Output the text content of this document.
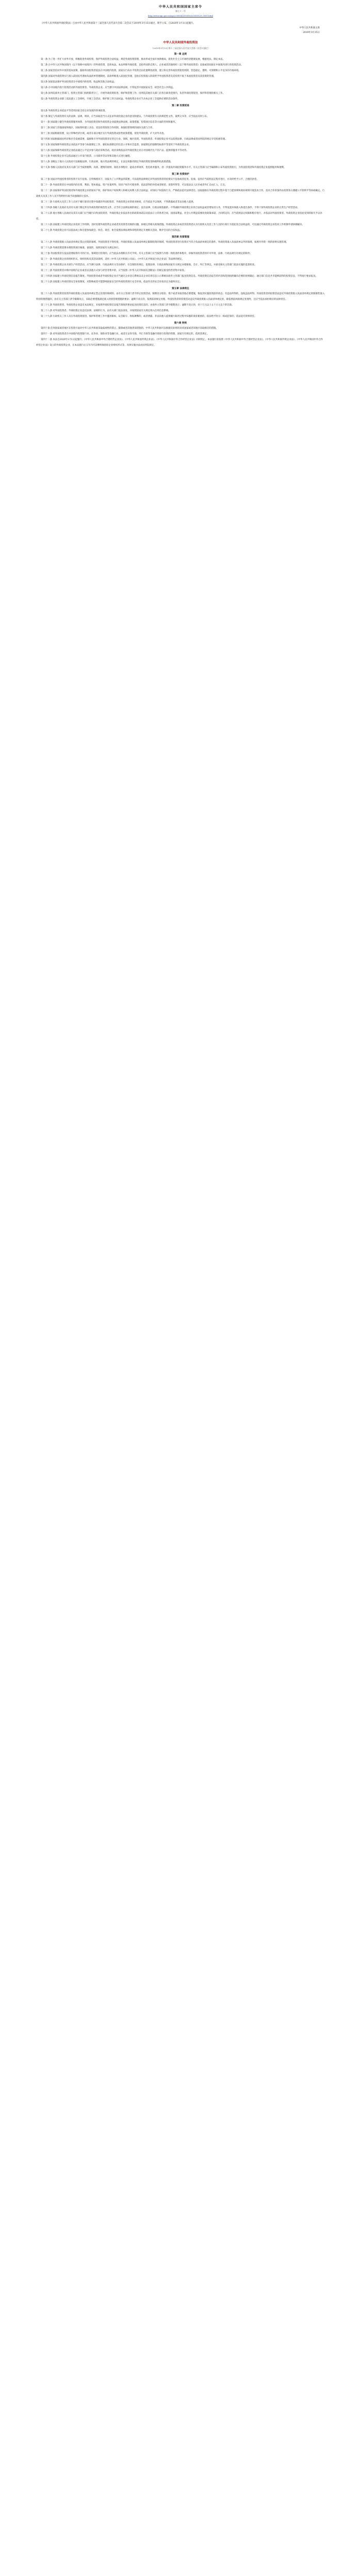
中华人民共和国国家主席令
第七十一号
http://www.npc.gov.cn/npc/c30834/201810/t20181029_0001.html

《中华人民共和国外商投资法》已由中华人民共和国第十三届全国人民代表大会第二次会议于2019年3月15日通过，现予公布，自2020年1月1日起施行。

中华人民共和国主席
2019年3月15日
中华人民共和国外商投资法
（2019年3月15日第十三届全国人民代表大会第二次会议通过）
第一章 总则

第一条 为了进一步扩大对外开放，积极促进外商投资，保护外商投资合法权益，规范外商投资管理，推动形成全面开放新格局，促进社会主义市场经济健康发展，根据宪法，制定本法。

第二条 在中华人民共和国境内（以下简称中国境内）的外商投资，适用本法。本法所称外商投资，是指外国的自然人、企业或者其他组织（以下称外国投资者）直接或者间接在中国境内进行的投资活动。

第三条 国家坚持对外开放的基本国策，鼓励外国投资者依法在中国境内投资。国家实行高水平投资自由化便利化政策，建立和完善外商投资促进机制，营造稳定、透明、可预期和公平竞争的市场环境。

第四条 国家对外商投资实行准入前国民待遇加负面清单管理制度。前款所称准入前国民待遇，是指在投资准入阶段给予外国投资者及其投资不低于本国投资者及其投资的待遇。

第五条 国家依法保护外国投资者在中国境内的投资、收益和其他合法权益。

第六条 在中国境内进行投资活动的外国投资者、外商投资企业，应当遵守中国法律法规，不得危害中国国家安全、损害社会公共利益。

第七条 国务院商务主管部门、投资主管部门按照职责分工，开展外商投资促进、保护和管理工作；国务院其他有关部门在各自职责范围内，负责外商投资促进、保护和管理的相关工作。

第八条 外商投资企业职工依法建立工会组织，开展工会活动，维护职工的合法权益。外商投资企业应当为本企业工会提供必要的活动条件。

第二章 投资促进

第九条 外商投资企业依法平等适用国家支持企业发展的各项政策。

第十条 制定与外商投资有关的法律、法规、规章，应当采取适当方式征求外商投资企业的意见和建议。与外商投资有关的规范性文件、裁判文书等，应当依法及时公布。

第十一条 国家建立健全外商投资服务体系，为外国投资者和外商投资企业提供法律法规、政策措施、投资项目信息等方面的咨询和服务。

第十二条 国家与其他国家和地区、国际组织建立多边、双边投资促进合作机制，加强投资领域的国际交流与合作。

第十三条 国家根据需要，设立特殊经济区域，或者在部分地区实行外商投资试验性政策措施，促进外商投资，扩大对外开放。

第十四条 国家根据国民经济和社会发展需要，鼓励和引导外国投资者在特定行业、领域、地区投资。外国投资者、外商投资企业可以依照法律、行政法规或者国务院的规定享受优惠待遇。

第十五条 国家保障外商投资企业依法平等参与标准制定工作，强化标准制定的信息公开和社会监督。国家制定的强制性标准平等适用于外商投资企业。

第十六条 国家保障外商投资企业依法通过公平竞争参与政府采购活动。政府采购依法对外商投资企业在中国境内生产的产品、提供的服务平等对待。

第十七条 外商投资企业可以依法通过公开发行股票、公司债券等证券和其他方式进行融资。

第十八条 县级以上地方人民政府可以根据法律、行政法规、地方性法规的规定，在法定权限内制定外商投资促进和便利化政策措施。

第十九条 各级人民政府及其有关部门应当按照便利、高效、透明的原则，简化办事程序，提高办事效率，优化政务服务，进一步提高外商投资服务水平。有关主管部门应当编制和公布外商投资指引，为外国投资者和外商投资企业提供服务和便利。

第三章 投资保护

第二十条 国家对外国投资者的投资不实行征收。在特殊情况下，国家为了公共利益的需要，可以依照法律规定对外国投资者的投资实行征收或者征用。征收、征用应当依照法定程序进行，并及时给予公平、合理的补偿。

第二十一条 外国投资者在中国境内的出资、利润、资本收益、资产处置所得、知识产权许可使用费、依法获得的补偿或者赔偿、清算所得等，可以依法以人民币或者外汇自由汇入、汇出。

第二十二条 国家保护外国投资者和外商投资企业的知识产权，保护知识产权权利人和相关权利人的合法权益；对知识产权侵权行为，严格依法追究法律责任。国家鼓励在外商投资过程中基于自愿原则和商业规则开展技术合作。技术合作的条件由投资各方遵循公平原则平等协商确定。行政机关及其工作人员不得利用行政手段强制转让技术。

第二十三条 行政机关及其工作人员对于履行职责过程中知悉的外国投资者、外商投资企业的商业秘密，应当依法予以保密，不得泄露或者非法向他人提供。

第二十四条 各级人民政府及其有关部门制定涉及外商投资的规范性文件，应当符合法律法规的规定；没有法律、行政法规依据的，不得减损外商投资企业的合法权益或者增加其义务，不得设置市场准入和退出条件，不得干预外商投资企业的正常生产经营活动。

第二十五条 地方各级人民政府及其有关部门应当履行向外国投资者、外商投资企业依法作出的政策承诺以及依法订立的各类合同。因国家利益、社会公共利益需要改变政策承诺、合同约定的，应当依照法定权限和程序进行，并依法对外国投资者、外商投资企业因此受到的损失予以补偿。

第二十六条 国家建立外商投资企业投诉工作机制，及时处理外商投资企业或者其投资者反映的问题，协调完善相关政策措施。外商投资企业或者其投资者认为行政机关及其工作人员的行政行为侵犯其合法权益的，可以通过外商投资企业投诉工作机制申请协调解决。

第二十七条 外商投资企业可以依法成立和自愿参加商会、协会。商会、协会依照法律法规和章程的规定开展相关活动，维护会员的合法权益。

第四章 投资管理

第二十八条 外商投资准入负面清单规定禁止投资的领域，外国投资者不得投资。外商投资准入负面清单规定限制投资的领域，外国投资者进行投资应当符合负面清单规定的条件。外商投资准入负面清单以外的领域，按照内外资一致的原则实施管理。

第二十九条 外商投资需要办理投资项目核准、备案的，按照国家有关规定执行。

第三十条 外国投资者在依法需要取得许可的行业、领域进行投资的，应当依法办理相关许可手续。有关主管部门应当按照与内资一致的条件和程序，审核外国投资者的许可申请，法律、行政法规另有规定的除外。

第三十一条 外商投资企业的组织形式、组织机构及其活动准则，适用《中华人民共和国公司法》、《中华人民共和国合伙企业法》等法律的规定。

第三十二条 外商投资企业开展生产经营活动，应当遵守法律、行政法规有关劳动保护、社会保险的规定，依照法律、行政法规和国家有关规定办理税收、会计、外汇等事宜，并接受相关主管部门依法实施的监督检查。

第三十三条 外国投资者并购中国境内企业或者以其他方式参与经营者集中的，应当依照《中华人民共和国反垄断法》的规定接受经营者集中审查。

第三十四条 国家建立外商投资信息报告制度。外国投资者或者外商投资企业应当通过企业登记系统以及企业信用信息公示系统向商务主管部门报送投资信息。外商投资信息报告的内容和范围按照确有必要的原则确定；通过部门信息共享能够获得的投资信息，不得再行要求报送。

第三十五条 国家建立外商投资安全审查制度，对影响或者可能影响国家安全的外商投资进行安全审查。依法作出的安全审查决定为最终决定。

第五章 法律责任

第三十六条 外国投资者投资外商投资准入负面清单规定禁止投资的领域的，由有关主管部门责令停止投资活动，限期处分股份、资产或者采取其他必要措施，恢复到实施投资前的状态；有违法所得的，没收违法所得。外国投资者的投资活动违反外商投资准入负面清单规定的限制性准入特别管理措施的，由有关主管部门责令限期改正，采取必要措施满足准入特别管理措施的要求；逾期不改正的，依照前款规定处理。外国投资者的投资活动违反外商投资准入负面清单规定的，除依照前两款规定处理外，还应当依法承担相应的法律责任。

第三十七条 外国投资者、外商投资企业违反本法规定，未按照外商投资信息报告制度的要求报送投资信息的，由商务主管部门责令限期改正；逾期不改正的，处十万元以上五十万元以下的罚款。

第三十八条 对外国投资者、外商投资企业违反法律、法规的行为，由有关部门依法查处，并按照国家有关规定纳入信用信息系统。

第三十九条 行政机关工作人员在外商投资促进、保护和管理工作中滥用职权、玩忽职守、徇私舞弊的，或者泄露、非法向他人提供履行职责过程中知悉的商业秘密的，依法给予处分；构成犯罪的，依法追究刑事责任。

第六章 附则

第四十条 任何国家或者地区在投资方面对中华人民共和国采取歧视性的禁止、限制或者其他类似措施的，中华人民共和国可以根据实际情况对该国家或者该地区采取相应的措施。

第四十一条 对外国投资者在中国境内投资银行业、证券业、保险业等金融行业，或者在证券市场、外汇市场等金融市场进行投资的管理，国家另有规定的，依照其规定。

第四十二条 本法自2020年1月1日起施行。《中华人民共和国中外合资经营企业法》、《中华人民共和国外资企业法》、《中华人民共和国中外合作经营企业法》同时废止。本法施行前依照《中华人民共和国中外合资经营企业法》、《中华人民共和国外资企业法》、《中华人民共和国中外合作经营企业法》设立的外商投资企业，在本法施行后五年内可以继续保留原企业组织形式等。具体实施办法由国务院规定。
